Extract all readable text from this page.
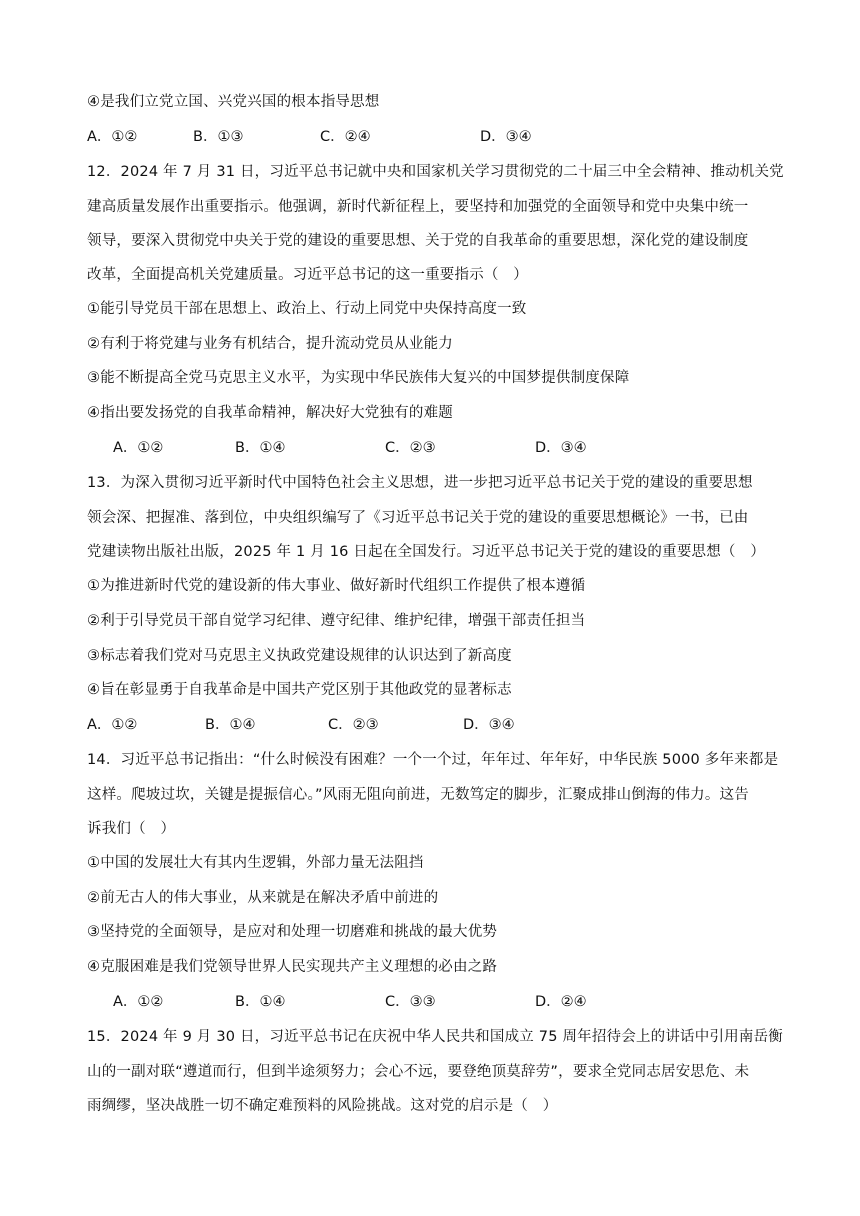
④是我们立党立国、兴党兴国的根本指导思想
A．①②	B．①③	C．②④	D．③④
12．2024 年 7 月 31 日，习近平总书记就中央和国家机关学习贯彻党的二十届三中全会精神、推动机关党
建高质量发展作出重要指示。他强调，新时代新征程上，要坚持和加强党的全面领导和党中央集中统一
领导，要深入贯彻党中央关于党的建设的重要思想、关于党的自我革命的重要思想，深化党的建设制度
改革，全面提高机关党建质量。习近平总书记的这一重要指示（　）
①能引导党员干部在思想上、政治上、行动上同党中央保持高度一致
②有利于将党建与业务有机结合，提升流动党员从业能力
③能不断提高全党马克思主义水平，为实现中华民族伟大复兴的中国梦提供制度保障
④指出要发扬党的自我革命精神，解决好大党独有的难题
A．①②	B．①④	C．②③	D．③④
13．为深入贯彻习近平新时代中国特色社会主义思想，进一步把习近平总书记关于党的建设的重要思想
领会深、把握准、落到位，中央组织编写了《习近平总书记关于党的建设的重要思想概论》一书，已由
党建读物出版社出版，2025 年 1 月 16 日起在全国发行。习近平总书记关于党的建设的重要思想（　）
①为推进新时代党的建设新的伟大事业、做好新时代组织工作提供了根本遵循
②利于引导党员干部自觉学习纪律、遵守纪律、维护纪律，增强干部责任担当
③标志着我们党对马克思主义执政党建设规律的认识达到了新高度
④旨在彰显勇于自我革命是中国共产党区别于其他政党的显著标志
A．①②	B．①④	C．②③	D．③④
14．习近平总书记指出：“什么时候没有困难？一个一个过，年年过、年年好，中华民族 5000 多年来都是
这样。爬坡过坎，关键是提振信心。”风雨无阻向前进，无数笃定的脚步，汇聚成排山倒海的伟力。这告
诉我们（　）
①中国的发展壮大有其内生逻辑，外部力量无法阻挡
②前无古人的伟大事业，从来就是在解决矛盾中前进的
③坚持党的全面领导，是应对和处理一切磨难和挑战的最大优势
④克服困难是我们党领导世界人民实现共产主义理想的必由之路
A．①②	B．①④	C．③③	D．②④
15．2024 年 9 月 30 日，习近平总书记在庆祝中华人民共和国成立 75 周年招待会上的讲话中引用南岳衡
山的一副对联“遵道而行，但到半途须努力；会心不远，要登绝顶莫辞劳”，要求全党同志居安思危、未
雨绸缪，坚决战胜一切不确定难预料的风险挑战。这对党的启示是（　）
